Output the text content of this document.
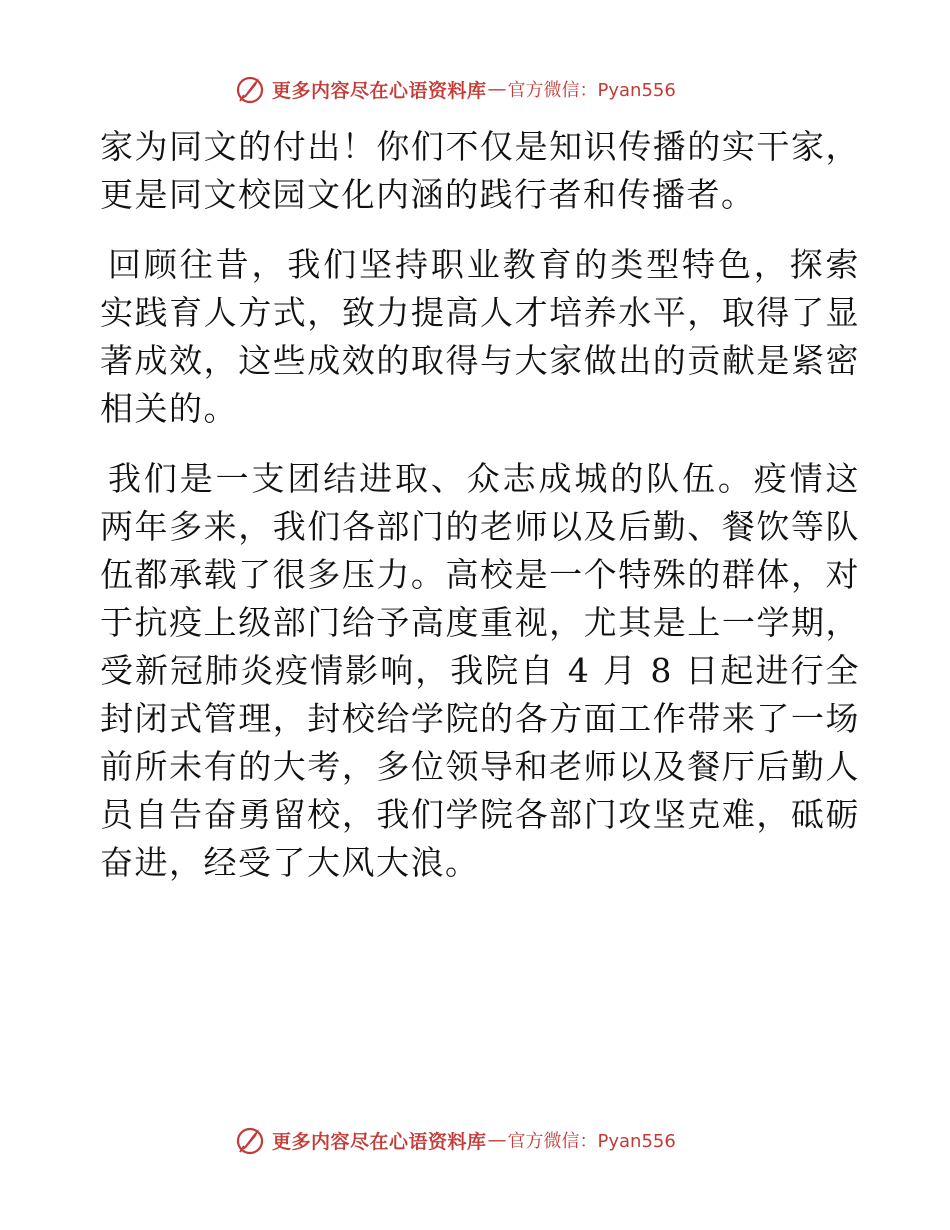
更多内容尽在心语资料库 — 官方微信：Pyan556

家为同文的付出！你们不仅是知识传播的实干家，更是同文校园文化内涵的践行者和传播者。

回顾往昔，我们坚持职业教育的类型特色，探索实践育人方式，致力提高人才培养水平，取得了显著成效，这些成效的取得与大家做出的贡献是紧密相关的。

我们是一支团结进取、众志成城的队伍。疫情这两年多来，我们各部门的老师以及后勤、餐饮等队伍都承载了很多压力。高校是一个特殊的群体，对于抗疫上级部门给予高度重视，尤其是上一学期，受新冠肺炎疫情影响，我院自 4 月 8 日起进行全封闭式管理，封校给学院的各方面工作带来了一场前所未有的大考，多位领导和老师以及餐厅后勤人员自告奋勇留校，我们学院各部门攻坚克难，砥砺奋进，经受了大风大浪。

更多内容尽在心语资料库 — 官方微信：Pyan556
